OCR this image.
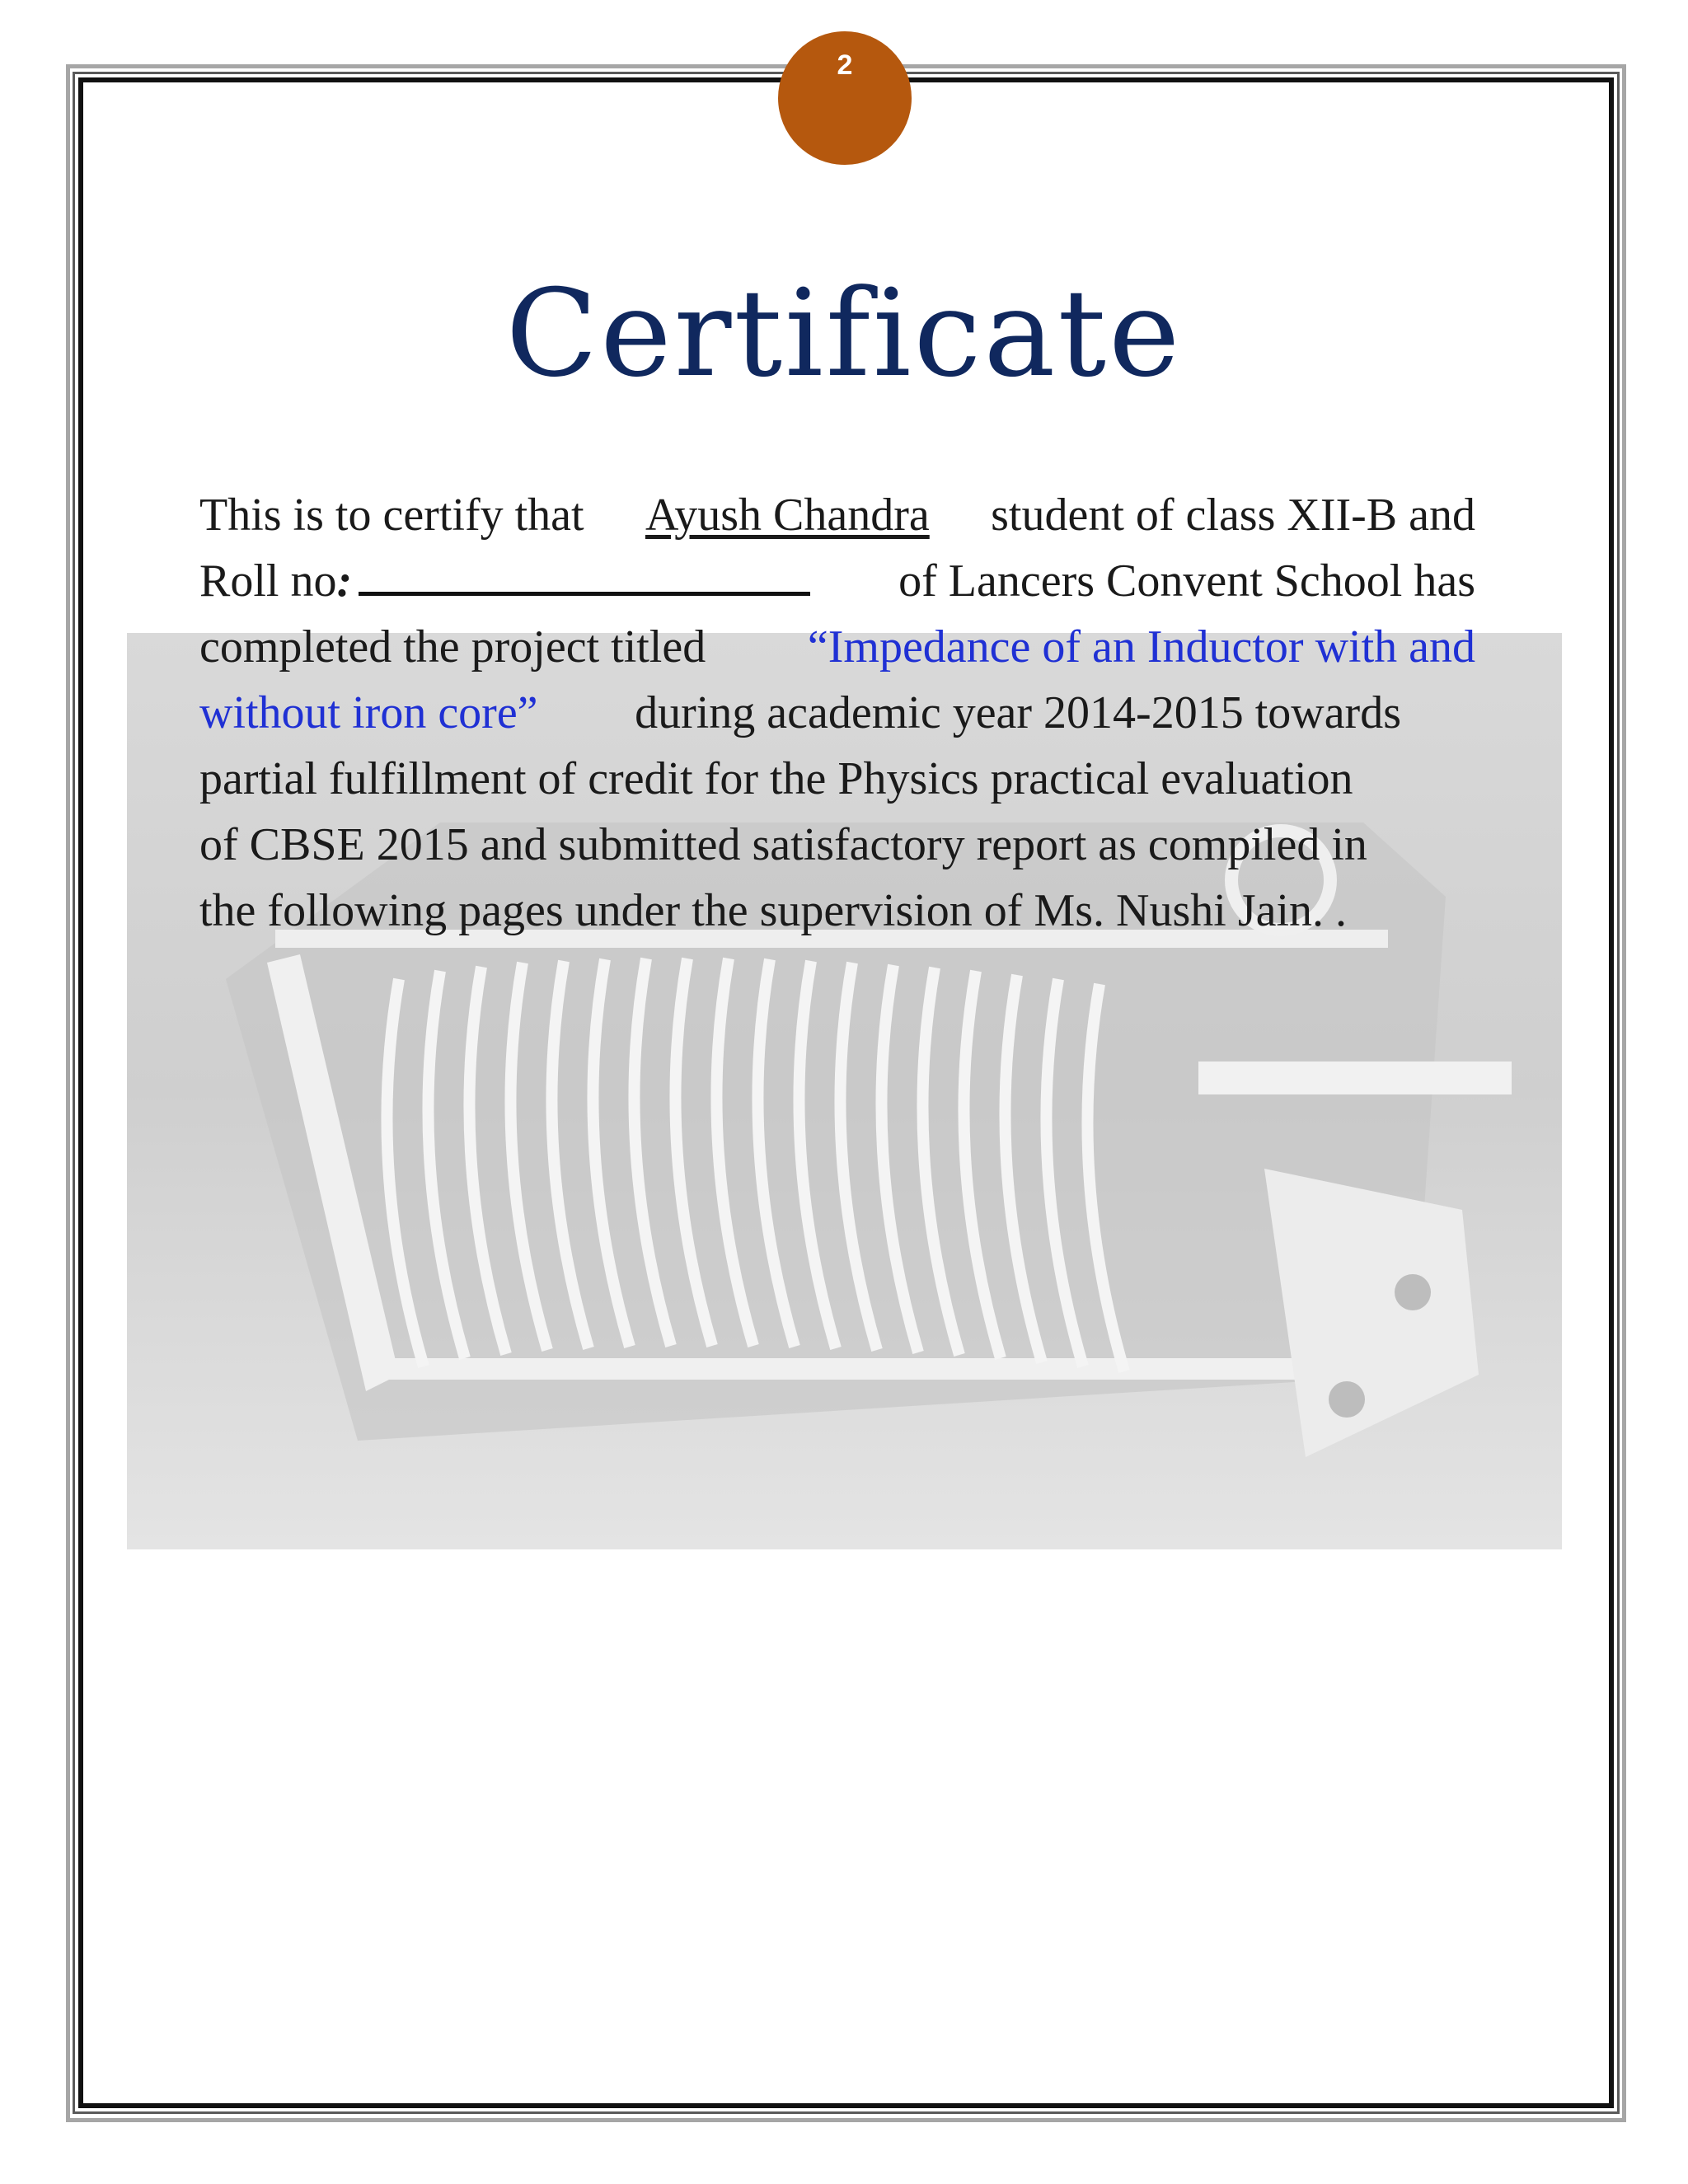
2
Certificate
This is to certify that Ayush Chandra student of class XII-B and
Roll no:	of Lancers Convent School has
completed the project titled “Impedance of an Inductor with and
without iron core” during academic year 2014-2015 towards
partial fulfillment of credit for the Physics practical evaluation
of CBSE 2015 and submitted satisfactory report as compiled in
the following pages under the supervision of Ms. Nushi Jain. .
